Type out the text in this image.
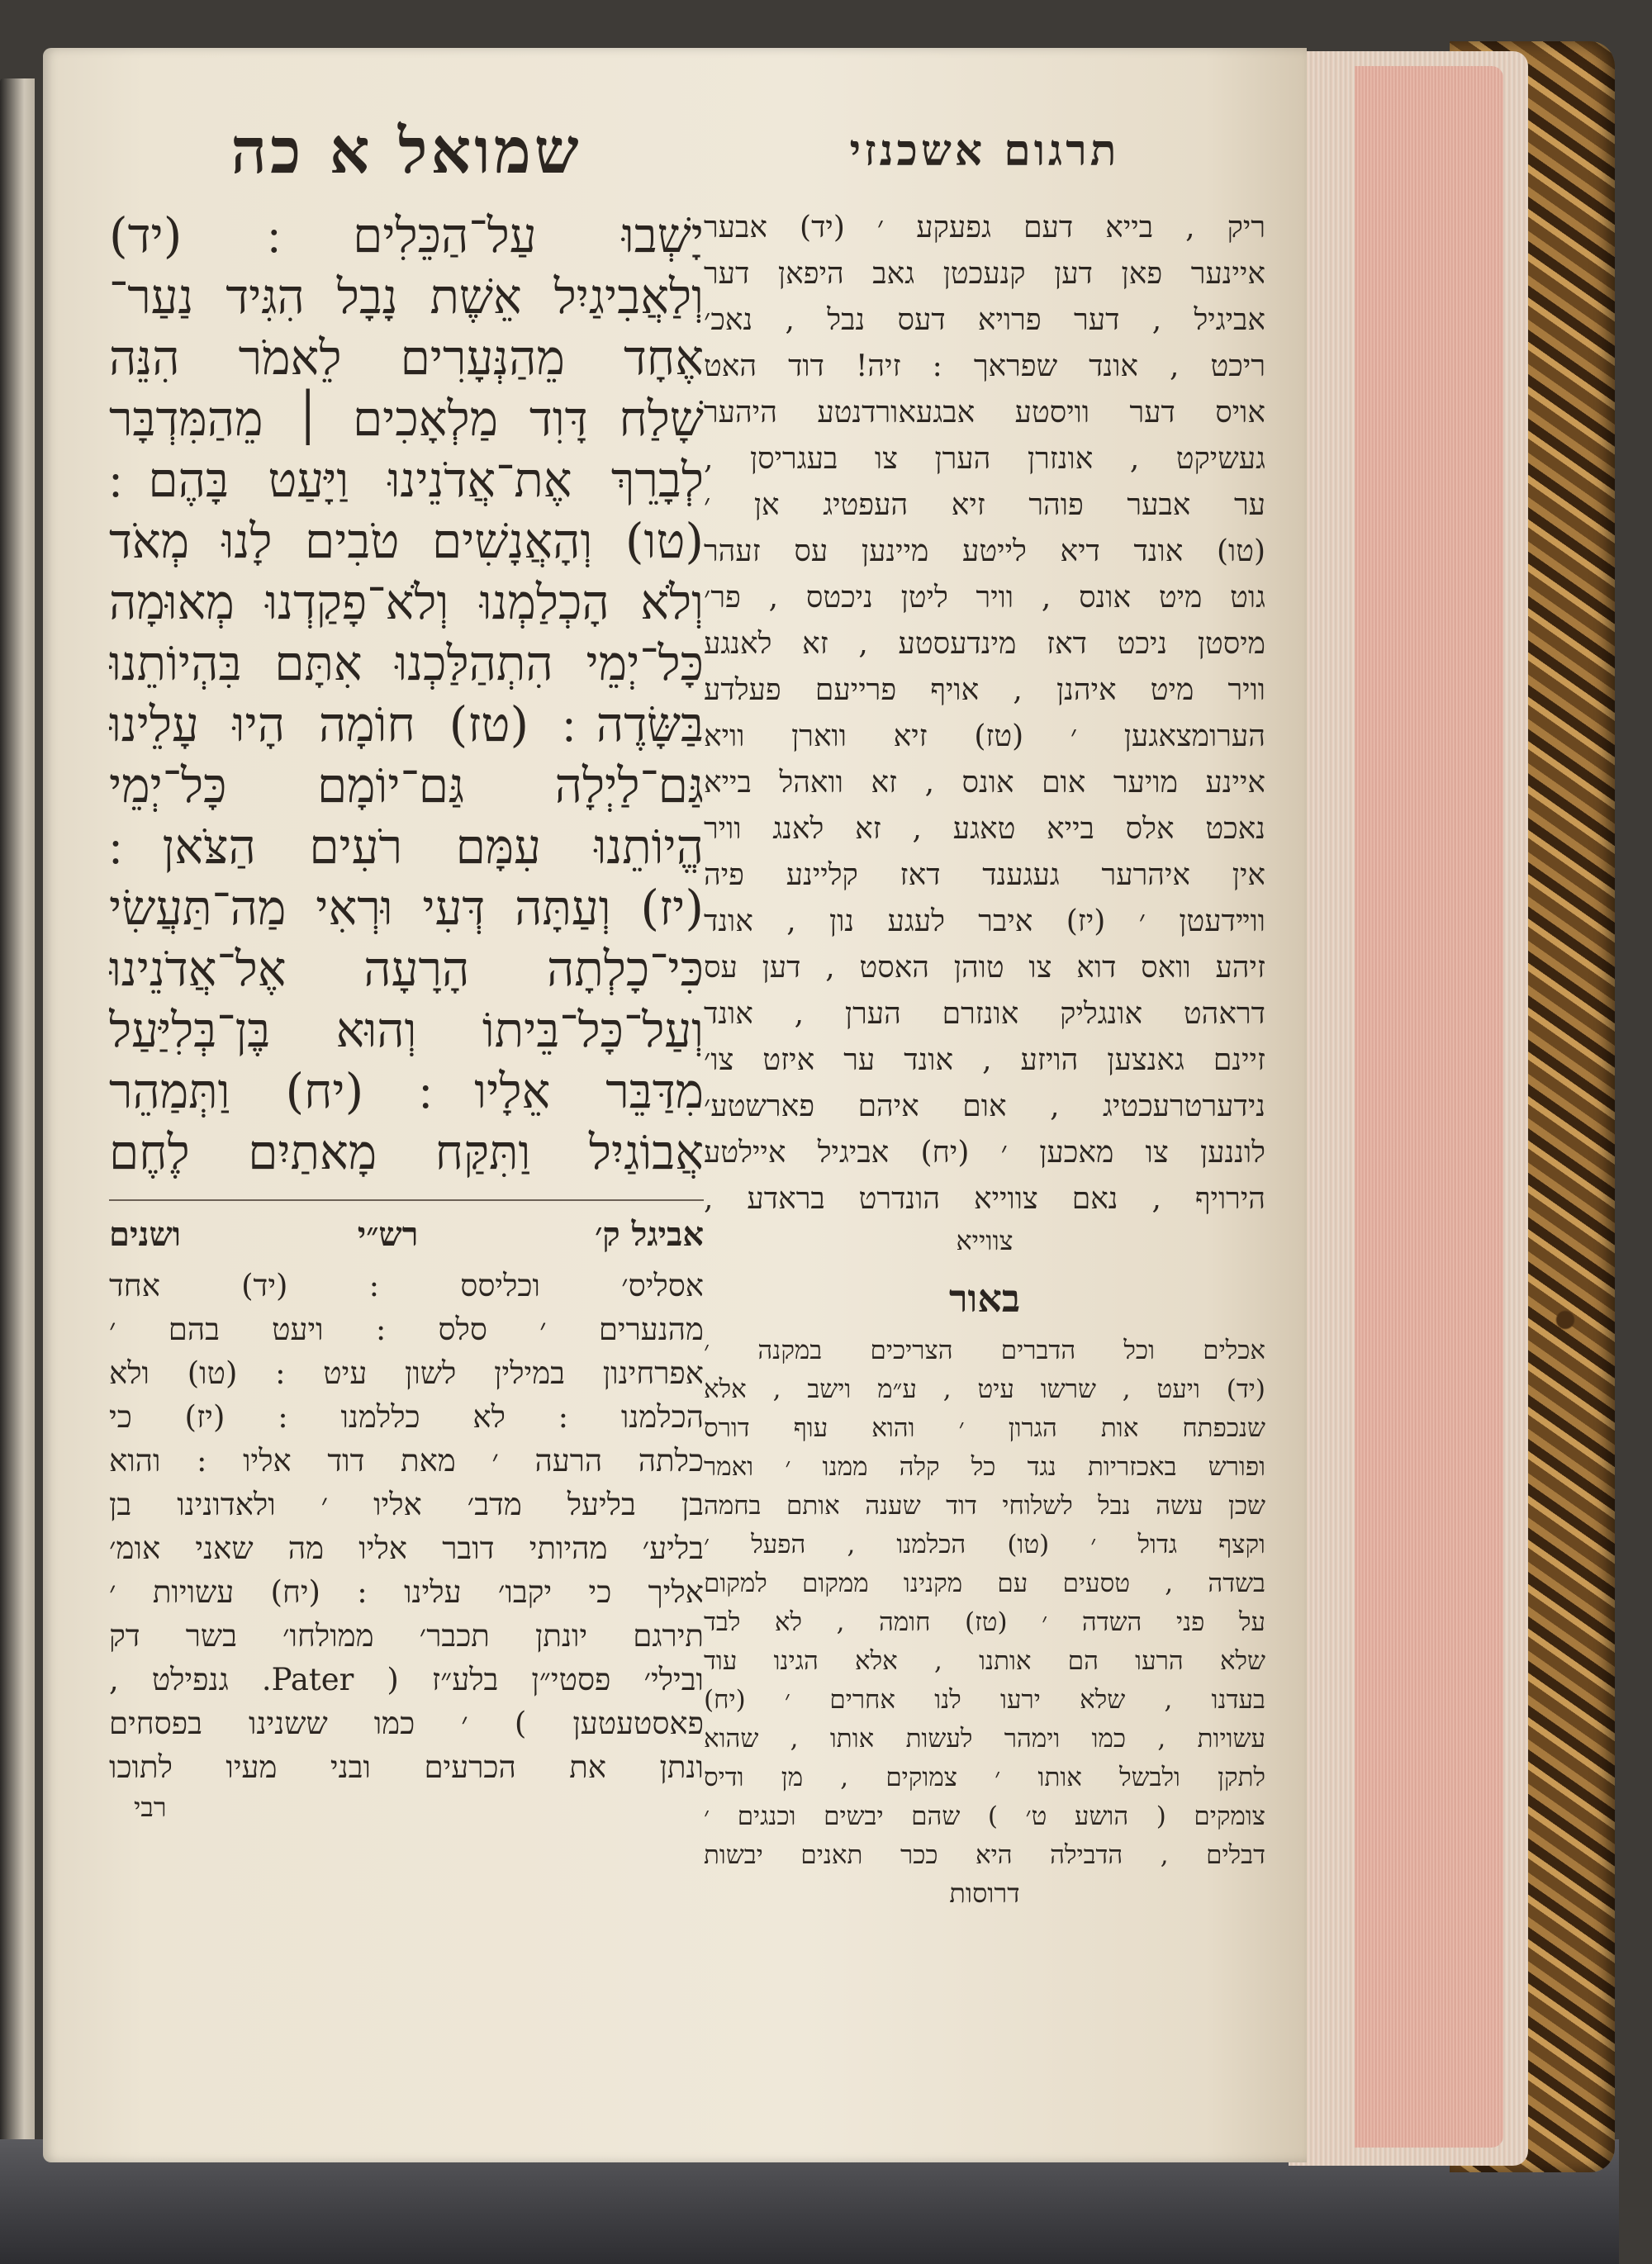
שמואל א כה
יָשְׁבוּ עַל־הַכֵּלִים ׃ (יד)
וְלַאֲבִיגַיִל אֵשֶׁת נָבָל הִגִּיד נַעַר־
אֶחָד מֵהַנְּעָרִים לֵאמֹר הִנֵּה
שָׁלַח דָּוִד מַלְאָכִים ׀ מֵהַמִּדְבָּר
לְבָרֵךְ אֶת־אֲדֹנֵינוּ וַיָּעַט בָּהֶם ׃
(טו) וְהָאֲנָשִׁים טֹבִים לָנוּ מְאֹד
וְלֹא הָכְלַמְנוּ וְלֹא־פָקַדְנוּ מְאוּמָה
כָּל־יְמֵי הִתְהַלַּכְנוּ אִתָּם בִּהְיוֹתֵנוּ
בַּשָּׂדֶה ׃ (טז) חוֹמָה הָיוּ עָלֵינוּ
גַּם־לַיְלָה גַּם־יוֹמָם כָּל־יְמֵי
הֱיוֹתֵנוּ עִמָּם רֹעִים הַצֹּאן ׃
(יז) וְעַתָּה דְּעִי וּרְאִי מַה־תַּעֲשִׂי
כִּי־כָלְתָה הָרָעָה אֶל־אֲדֹנֵינוּ
וְעַל־כָּל־בֵּיתוֹ וְהוּא בֶּן־בְּלִיַּעַל
מִדַּבֵּר אֵלָיו ׃ (יח) וַתְּמַהֵר
אֲבוֹגַיִל וַתִּקַּח מָאתַיִם לֶחֶם
אביגל ק׳
רש״י
ושנים
אסליס׳ וכליסס : (יד) אחד
מהנערים ׳ סלס : ויעט בהם ׳
אפרחינון במילין לשון עיט : (טו) ולא
הכלמנו : לא כללמנו : (יז) כי
כלתה הרעה ׳ מאת דוד אליו : והוא
בן בליעל מדב׳ אליו ׳ ולאדונינו בן
בליע׳ מהיותי דובר אליו מה שאני אומ׳
אליך כי יקבו׳ עלינו : (יח) עשויות ׳
תירגם יונתן תכבר׳ ממולחו׳ בשר דק
ובילי׳ פסטי״ן בלע״ז ( Pater. גנפילט ,
פאסטעטען ) ׳ כמו ששנינו בפסחים
ונתן את הכרעים ובני מעיו לתוכו
רבי
תרגום אשכנזי
ריק , בייא דעם גפעקע ׳ (יד) אבער
איינער פאן דען קנעכטן גאב היפאן דער
אביגיל , דער פרויא דעס נבל , נאכ׳
ריכט , אונד שפראך : זיה! דוד האט
אויס דער וויסטע אבגעאורדנטע היהער
געשיקט , אונזרן הערן צו בעגריסן ,
ער אבער פוהר זיא העפטיג אן ׳
(טו) אונד דיא לייטע מיינען עס זעהר
גוט מיט אונס , וויר ליטן ניכטס , פר׳
מיסטן ניכט דאז מינדעסטע , זא לאנגע
וויר מיט איהנן , אויף פרייעם פעלדע
הערומצאגען ׳ (טז) זיא ווארן וויא
איינע מויער אום אונס , זא וואהל בייא
נאכט אלס בייא טאגע , זא לאנג וויר
אין איהרער געגענד דאז קליינע פיה
ווײדעטן ׳ (יז) איבר לעגע נון , אונד
זיהע וואס דוא צו טוהן האסט , דען עס
דראהט אונגליק אונזרם הערן , אונד
זיינם גאנצען הויזע , אונד ער איזט צו׳
נידערטרעכטיג , אום איהם פארשטע׳
לוננען צו מאכען ׳ (יח) אביגיל איילטע
הירויף , נאם צווייא הונדרט בראדע ,
צווייא
באור
אכלים וכל הדברים הצריכים במקנה ׳
(יד) ויעט , שרשו עיט , ע״מ וישב , אלא
שנכפתח אות הגרון ׳ והוא עוף דורס
ופורש באכזריות נגד כל קלה ממנו ׳ ואמר
שכן עשה נבל לשלוחי דוד שענה אותם בחמה
וקצף גדול ׳ (טו) הכלמנו , הפעל ׳
בשדה , טסעים עם מקנינו ממקום למקום
על פני השדה ׳ (טז) חומה , לא לבד
שלא הרעו הם אותנו , אלא הגינו עוד
בעדנו , שלא ירעו לנו אחרים ׳ (יח)
עשויות , כמו וימהר לעשות אותו , שהוא
לתקן ולבשל אותו ׳ צמוקים , מן ודיס
צומקים ( הושע ט׳ ) שהם יבשים וכנגים ׳
דבלים , הדבילה היא ככר תאנים יבשות
דרוסות
